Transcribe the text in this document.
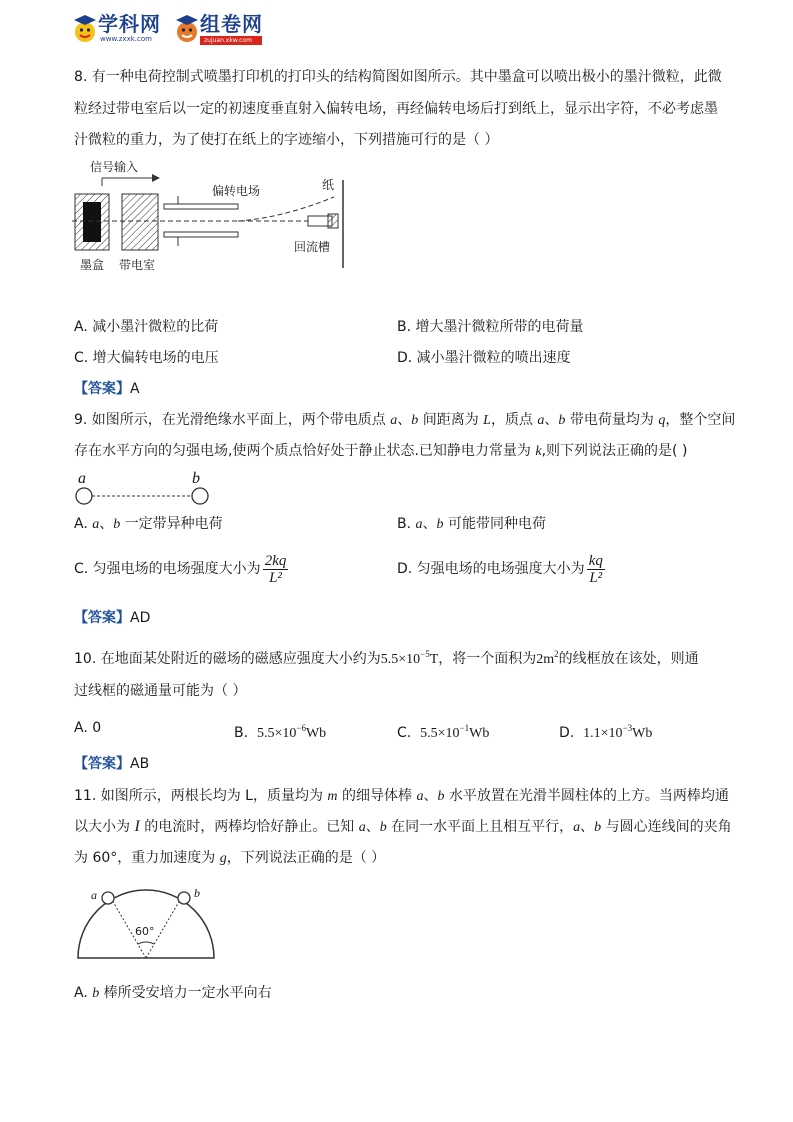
学科网
www.zxxk.com
组卷网
zujuan.xkw.com
8. 有一种电荷控制式喷墨打印机的打印头的结构简图如图所示。其中墨盒可以喷出极小的墨汁微粒，此微
粒经过带电室后以一定的初速度垂直射入偏转电场，再经偏转电场后打到纸上，显示出字符，不必考虑墨
汁微粒的重力，为了使打在纸上的字迹缩小，下列措施可行的是（ ）
信号输入
偏转电场	纸
墨盒 带电室
回流槽
A. 减小墨汁微粒的比荷	B. 增大墨汁微粒所带的电荷量
C. 增大偏转电场的电压	D. 减小墨汁微粒的喷出速度
【答案】A
9. 如图所示，在光滑绝缘水平面上，两个带电质点 a、b 间距离为 L，质点 a、b 带电荷量均为 q，整个空间
存在水平方向的匀强电场,使两个质点恰好处于静止状态.已知静电力常量为 k,则下列说法正确的是( )
a	b
A. a、b 一定带异种电荷	B. a、b 可能带同种电荷
C. 匀强电场的电场强度大小为 $\frac{2kq}{\text{L²}}$	D. 匀强电场的电场强度大小为 $\frac{kq}{\text{L²}}$
【答案】AD
10. 在地面某处附近的磁场的磁感应强度大小约为$5.5\times 10^{-5}T$，将一个面积为$2m^2$的线框放在该处，则通
过线框的磁通量可能为（ ）
A. 0	B. $5.5\times 10^{-6}Wb$	C. $5.5\times 10^{-1}Wb$	D. $1.1\times 10^{-3}Wb$
【答案】AB
11. 如图所示，两根长均为 L，质量均为 m 的细导体棒 a、b 水平放置在光滑半圆柱体的上方。当两棒均通
以大小为 I 的电流时，两棒均恰好静止。已知 a、b 在同一水平面上且相互平行，a、b 与圆心连线间的夹角
为 60°，重力加速度为 g，下列说法正确的是（ ）
a	b
60°
A. b 棒所受安培力一定水平向右
